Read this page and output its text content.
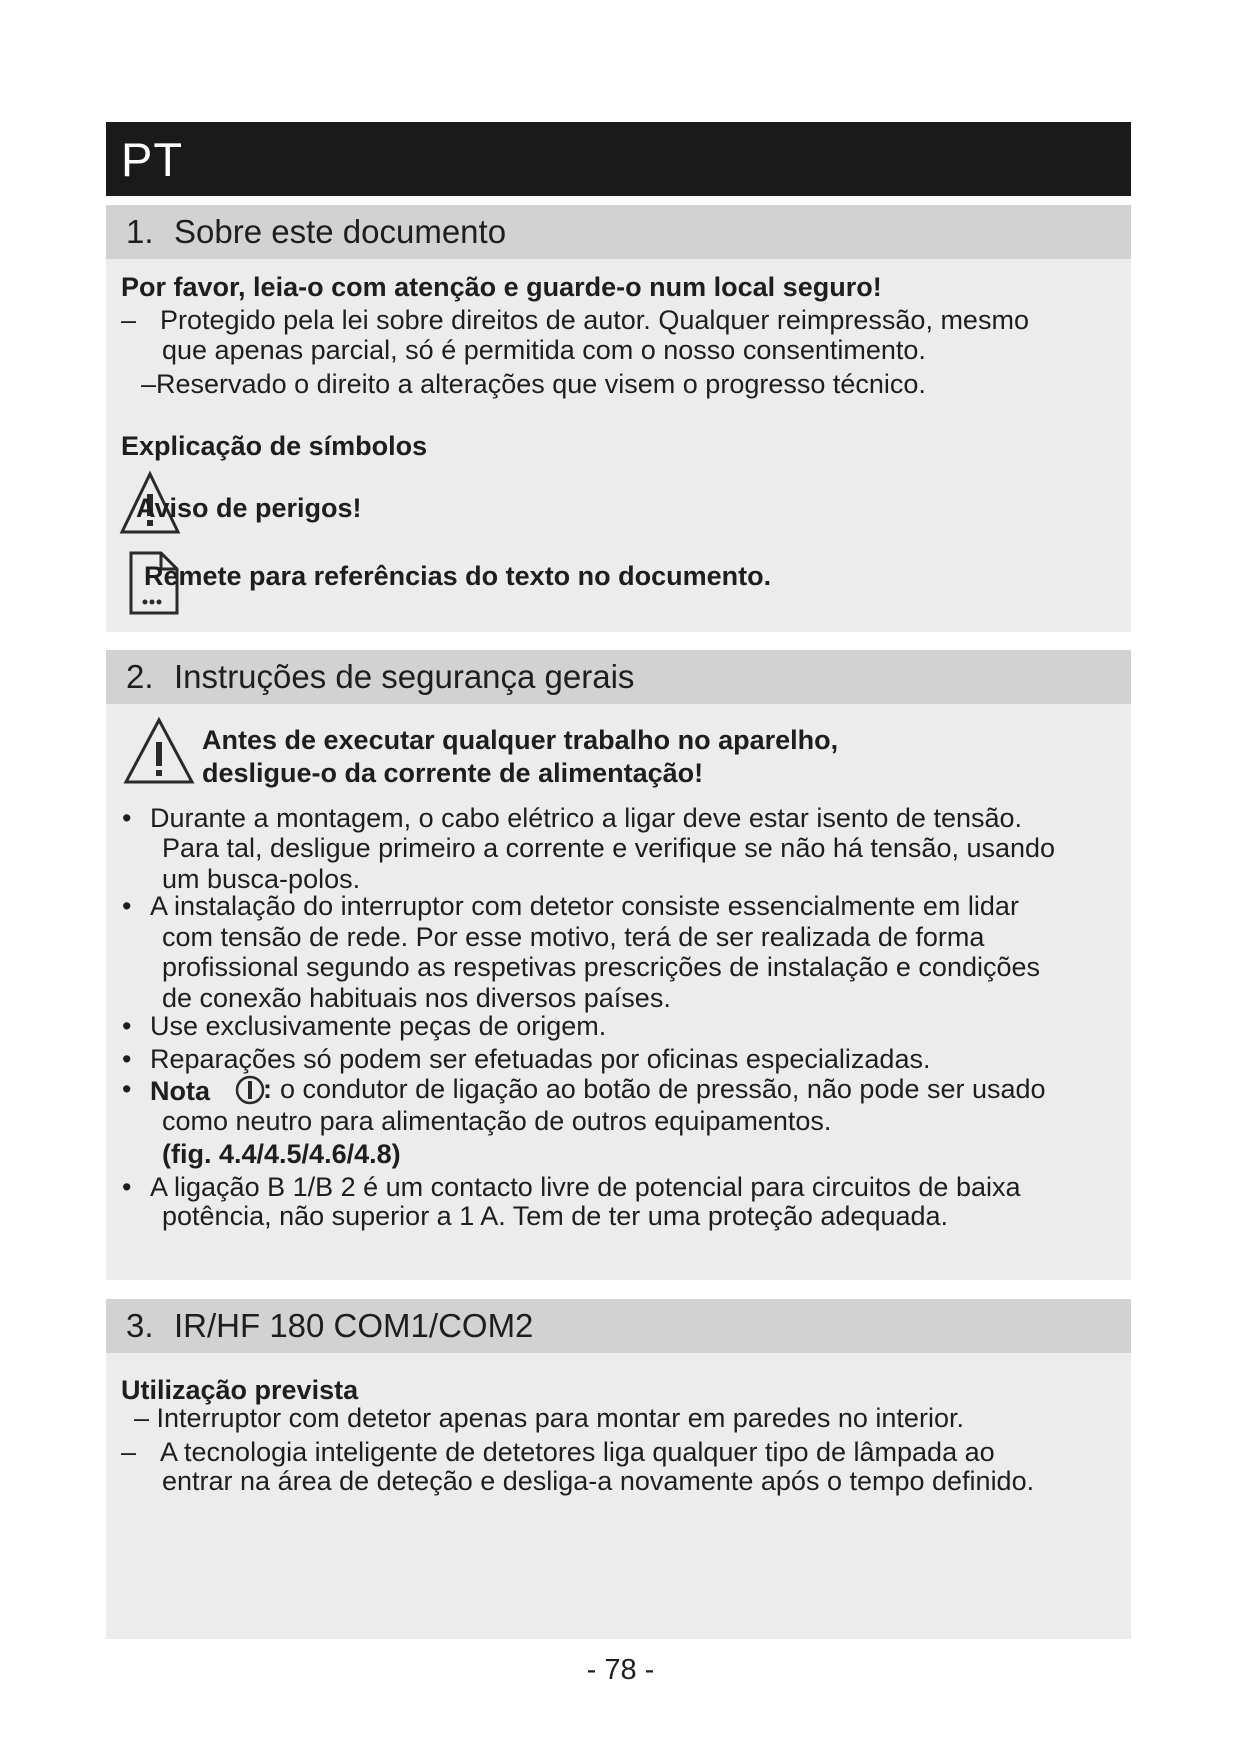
PT
1. Sobre este documento

Por favor, leia-o com atenção e guarde-o num local seguro!

– Protegido pela lei sobre direitos de autor. Qualquer reimpressão, mesmo
que apenas parcial, só é permitida com o nosso consentimento.
–Reservado o direito a alterações que visem o progresso técnico.

Explicação de símbolos

Aviso de perigos!

Remete para referências do texto no documento.

2. Instruções de segurança gerais

Antes de executar qualquer trabalho no aparelho,

desligue-o da corrente de alimentação!

• Durante a montagem, o cabo elétrico a ligar deve estar isento de tensão.
Para tal, desligue primeiro a corrente e verifique se não há tensão, usando
um busca-polos.
• A instalação do interruptor com detetor consiste essencialmente em lidar
com tensão de rede. Por esse motivo, terá de ser realizada de forma
profissional segundo as respetivas prescrições de instalação e condições
de conexão habituais nos diversos países.
• Use exclusivamente peças de origem.
• Reparações só podem ser efetuadas por oficinas especializadas.
• Nota : o condutor de ligação ao botão de pressão, não pode ser usado
como neutro para alimentação de outros equipamentos.
(fig. 4.4/4.5/4.6/4.8)
• A ligação B 1/B 2 é um contacto livre de potencial para circuitos de baixa
potência, não superior a 1 A. Tem de ter uma proteção adequada.
3. IR/HF 180 COM1/COM2

Utilização prevista

– Interruptor com detetor apenas para montar em paredes no interior.
– A tecnologia inteligente de detetores liga qualquer tipo de lâmpada ao
entrar na área de deteção e desliga-a novamente após o tempo definido.
- 78 -
